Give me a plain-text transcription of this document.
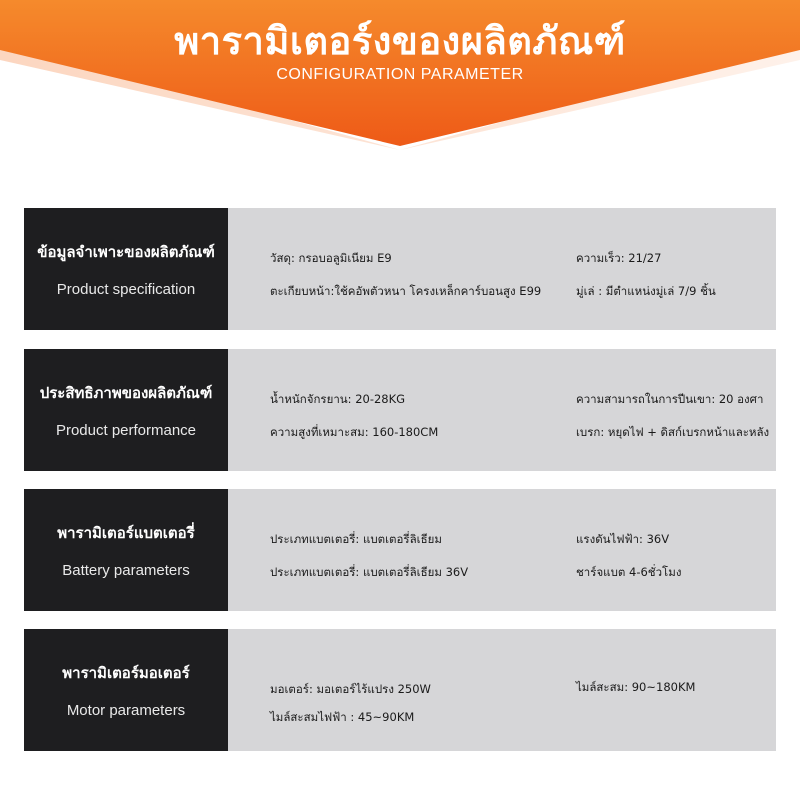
พารามิเตอร์งของผลิตภัณฑ์
CONFIGURATION PARAMETER
ข้อมูลจำเพาะของผลิตภัณฑ์
Product specification
วัสดุ: กรอบอลูมิเนียม E9	ความเร็ว: 21/27
ตะเกียบหน้า:ใช้คอัพตัวหนา โครงเหล็กคาร์บอนสูง E99	มู่เล่ : มีตำแหน่งมู่เล่ 7/9 ชิ้น
ประสิทธิภาพของผลิตภัณฑ์
Product performance
น้ำหนักจักรยาน: 20-28KG	ความสามารถในการปีนเขา: 20 องศา
ความสูงที่เหมาะสม: 160-180CM	เบรก: หยุดไฟ + ดิสก์เบรกหน้าและหลัง
พารามิเตอร์แบตเตอรี่
Battery parameters
ประเภทแบตเตอรี่: แบตเตอรี่ลิเธียม	แรงดันไฟฟ้า: 36V
ประเภทแบตเตอรี่: แบตเตอรี่ลิเธียม 36V	ชาร์จแบต 4-6ชั่วโมง
พารามิเตอร์มอเตอร์
Motor parameters
มอเตอร์: มอเตอร์ไร้แปรง 250W	ไมล์สะสม: 90~180KM
ไมล์สะสมไฟฟ้า : 45~90KM
